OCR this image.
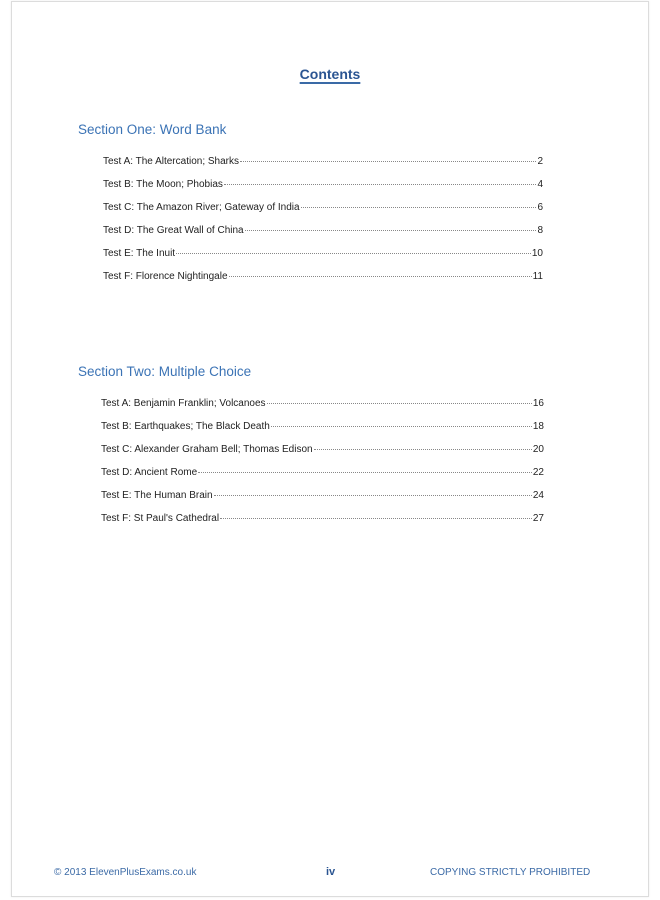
Contents
Section One: Word Bank
Test A: The Altercation; Sharks	2
Test B: The Moon; Phobias	4
Test C: The Amazon River; Gateway of India	6
Test D: The Great Wall of China	8
Test E: The Inuit	10
Test F: Florence Nightingale	11
Section Two: Multiple Choice
Test A: Benjamin Franklin; Volcanoes	16
Test B: Earthquakes; The Black Death	18
Test C: Alexander Graham Bell; Thomas Edison	20
Test D: Ancient Rome	22
Test E: The Human Brain	24
Test F: St Paul's Cathedral	27
© 2013 ElevenPlusExams.co.uk	iv	COPYING STRICTLY PROHIBITED
